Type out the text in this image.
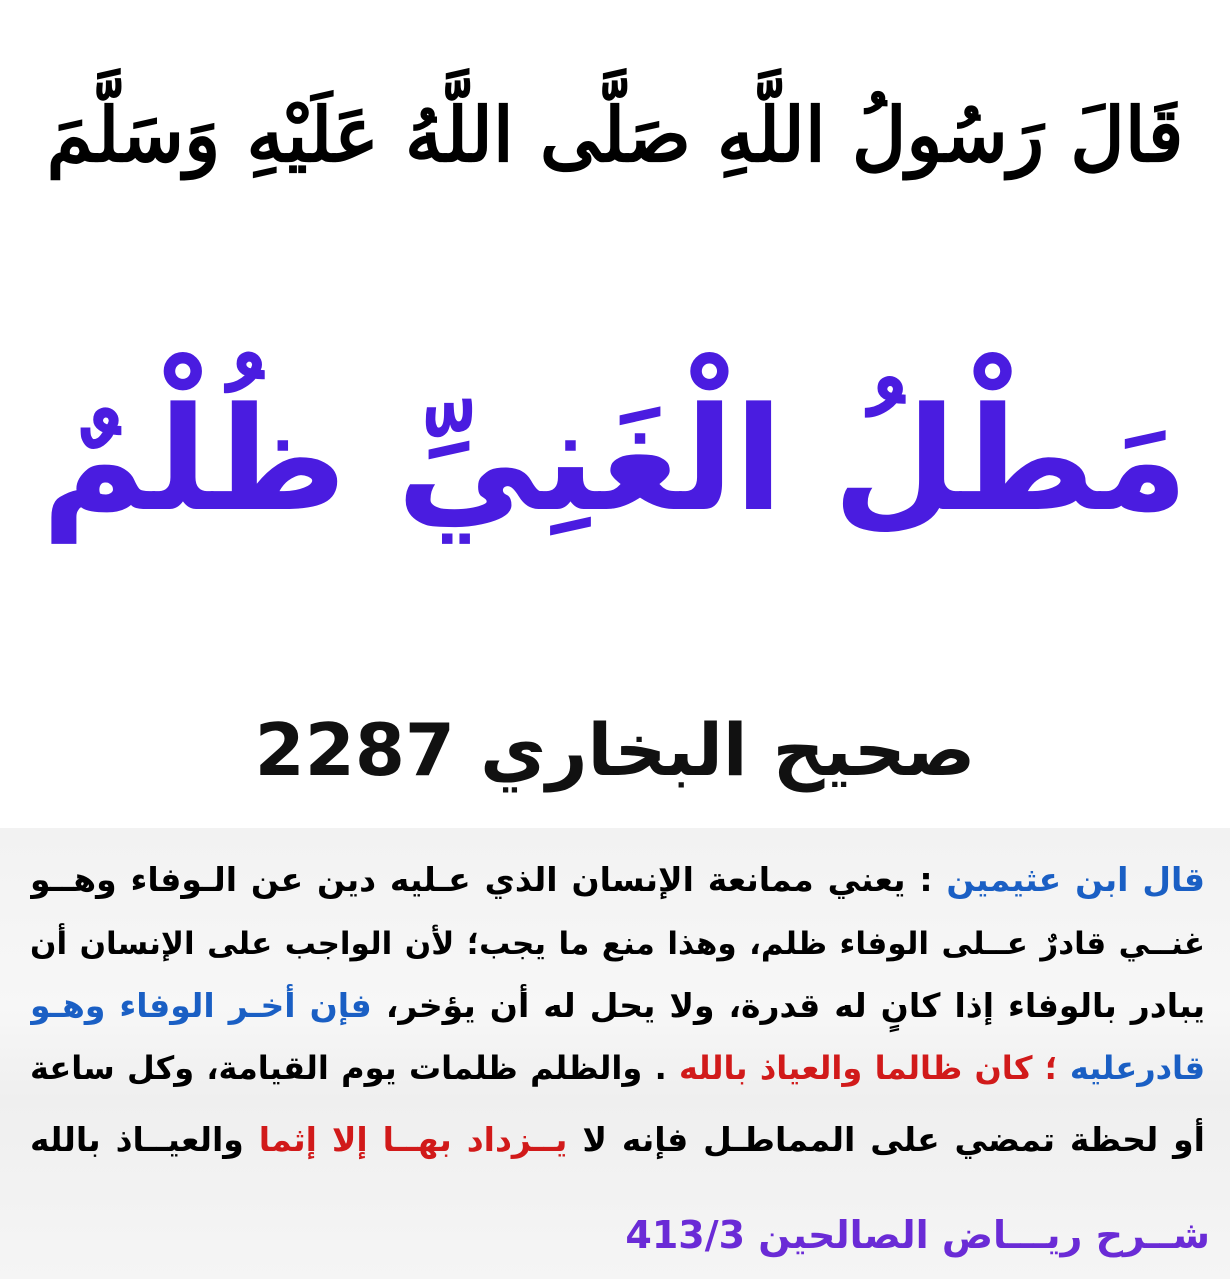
قَالَ رَسُولُ اللَّهِ صَلَّى اللَّهُ عَلَيْهِ وَسَلَّمَ
مَطْلُ الْغَنِيِّ ظُلْمٌ
صحيح البخاري 2287
قال ابن عثيمين : يعني ممانعة الإنسان الذي عـليه دين عن الـوفاء وهــو
غنــي قادرٌ عــلى الوفاء ظلم، وهذا منع ما يجب؛ لأن الواجب على الإنسان أن
يبادر بالوفاء إذا كانٍ له قدرة، ولا يحل له أن يؤخر، فإن أخـر الوفاء وهـو
قادرعليه ؛ كان ظالما والعياذ بالله . والظلم ظلمات يوم القيامة، وكل ساعة
أو لحظة تمضي على المماطـل فإنه لا يــزداد بهــا إلا إثما والعيــاذ بالله
شــرح ريـــاض الصالحين 413/3
